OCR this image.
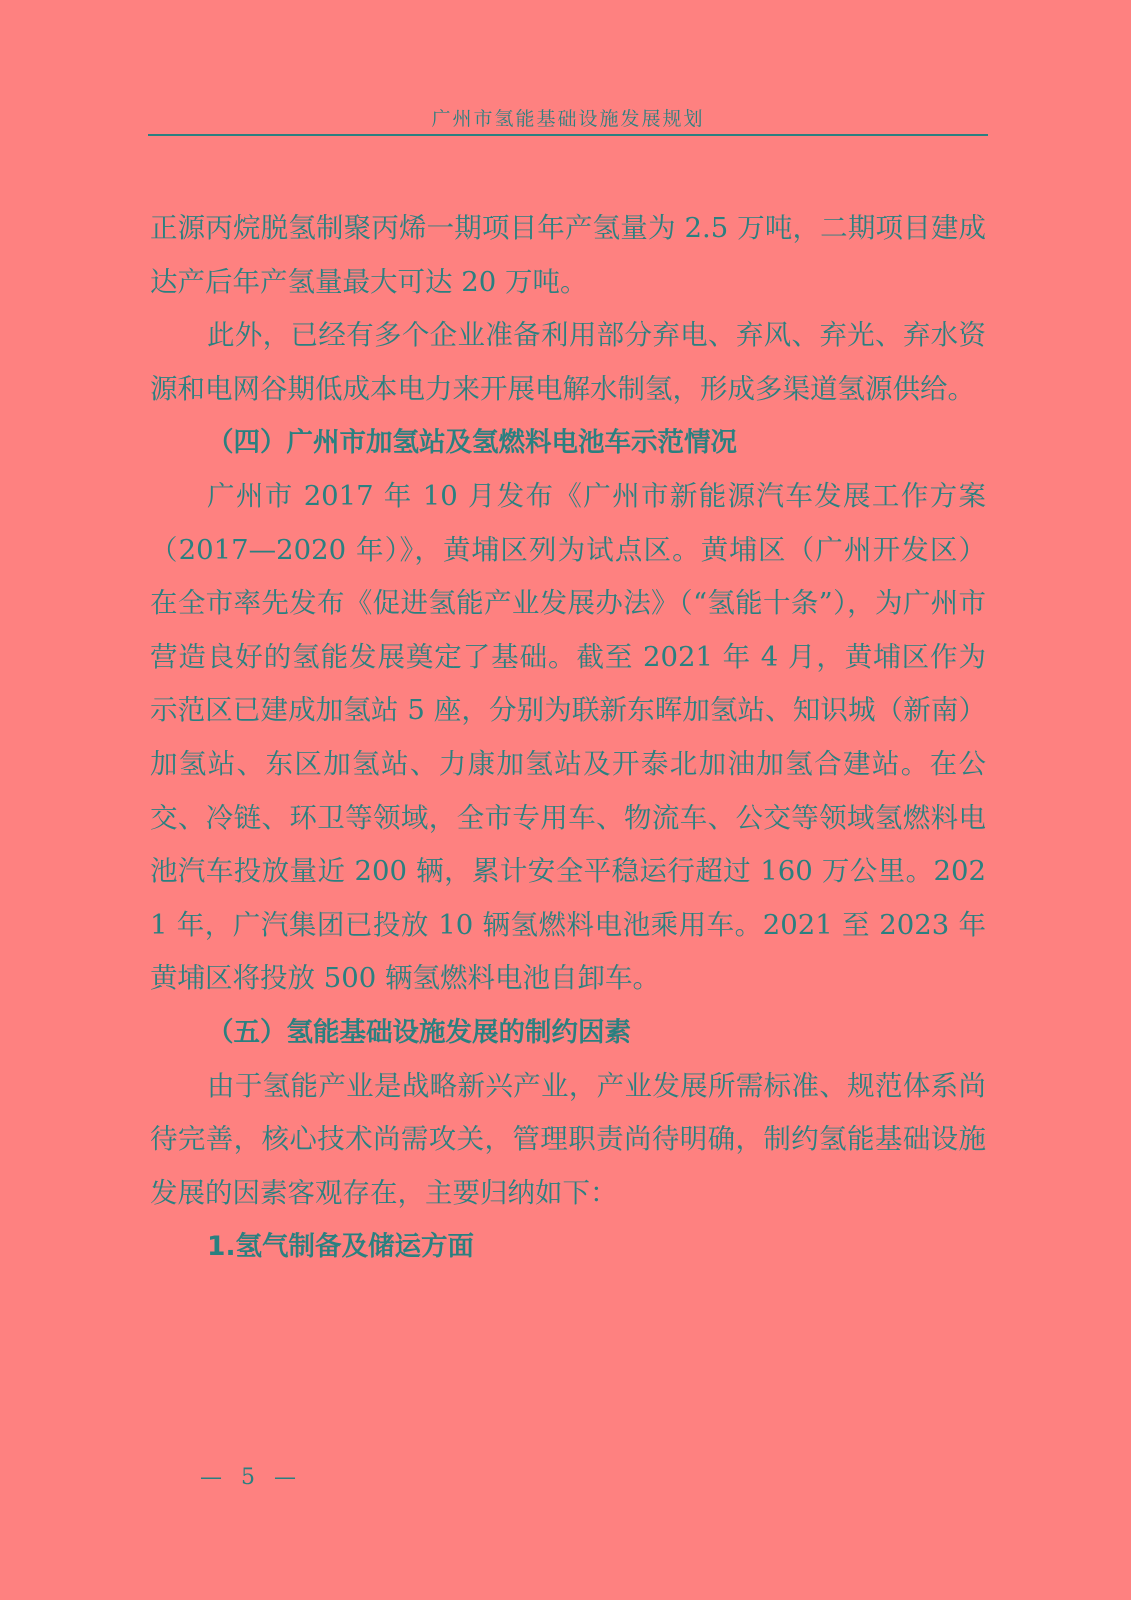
广州市氢能基础设施发展规划

正源丙烷脱氢制聚丙烯一期项目年产氢量为 2.5 万吨，二期项目建成达产后年产氢量最大可达 20 万吨。

此外，已经有多个企业准备利用部分弃电、弃风、弃光、弃水资源和电网谷期低成本电力来开展电解水制氢，形成多渠道氢源供给。

（四）广州市加氢站及氢燃料电池车示范情况

广州市 2017 年 10 月发布《广州市新能源汽车发展工作方案（2017—2020 年）》，黄埔区列为试点区。黄埔区（广州开发区）在全市率先发布《促进氢能产业发展办法》（“氢能十条”），为广州市营造良好的氢能发展奠定了基础。截至 2021 年 4 月，黄埔区作为示范区已建成加氢站 5 座，分别为联新东晖加氢站、知识城（新南）加氢站、东区加氢站、力康加氢站及开泰北加油加氢合建站。在公交、冷链、环卫等领域，全市专用车、物流车、公交等领域氢燃料电池汽车投放量近 200 辆，累计安全平稳运行超过 160 万公里。2021 年，广汽集团已投放 10 辆氢燃料电池乘用车。2021 至 2023 年黄埔区将投放 500 辆氢燃料电池自卸车。

（五）氢能基础设施发展的制约因素

由于氢能产业是战略新兴产业，产业发展所需标准、规范体系尚待完善，核心技术尚需攻关，管理职责尚待明确，制约氢能基础设施发展的因素客观存在，主要归纳如下：

1.氢气制备及储运方面

— 5 —
